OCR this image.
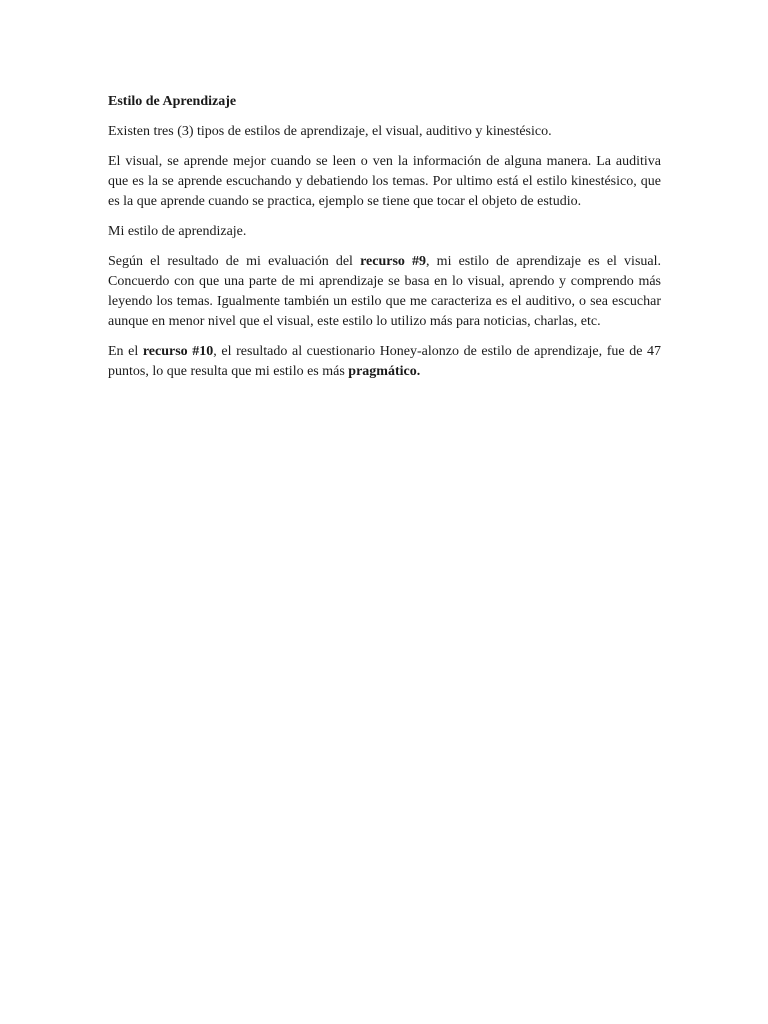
Estilo de Aprendizaje

Existen tres (3) tipos de estilos de aprendizaje, el visual, auditivo y kinestésico.

El visual, se aprende mejor cuando se leen o ven la información de alguna manera. La auditiva que es la se aprende escuchando y debatiendo los temas. Por ultimo está el estilo kinestésico, que es la que aprende cuando se practica, ejemplo se tiene que tocar el objeto de estudio.

Mi estilo de aprendizaje.

Según el resultado de mi evaluación del recurso #9, mi estilo de aprendizaje es el visual. Concuerdo con que una parte de mi aprendizaje se basa en lo visual, aprendo y comprendo más leyendo los temas. Igualmente también un estilo que me caracteriza es el auditivo, o sea escuchar aunque en menor nivel que el visual, este estilo lo utilizo más para noticias, charlas, etc.

En el recurso #10, el resultado al cuestionario Honey-alonzo de estilo de aprendizaje, fue de 47 puntos, lo que resulta que mi estilo es más pragmático.
